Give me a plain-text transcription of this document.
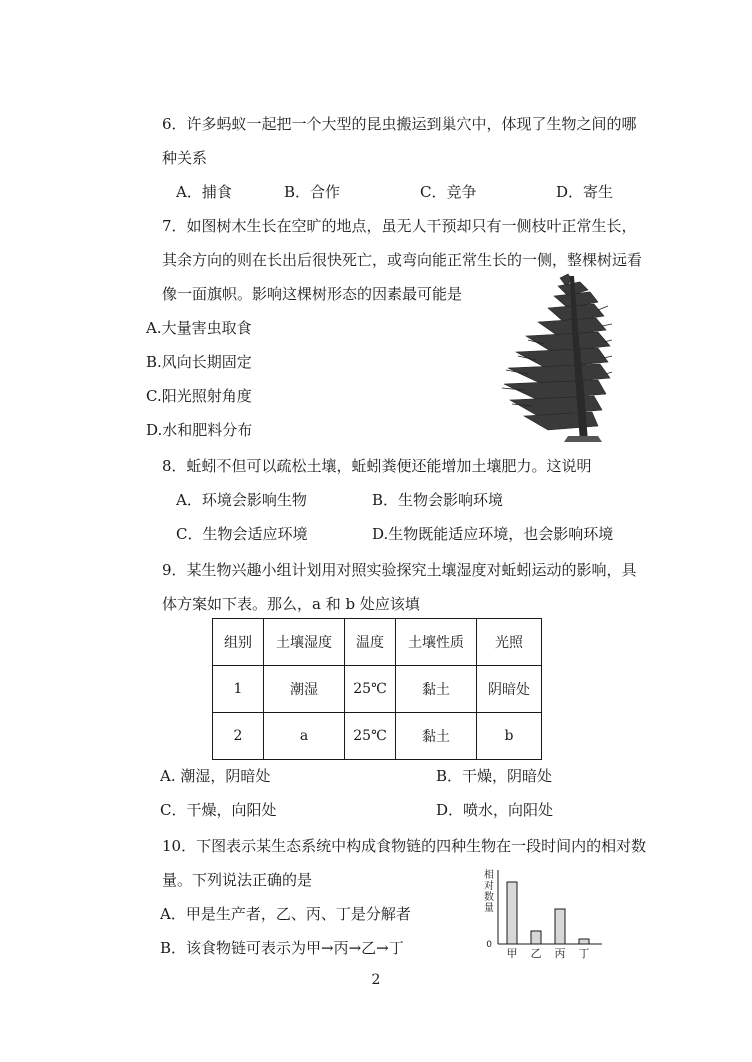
6．许多蚂蚁一起把一个大型的昆虫搬运到巢穴中，体现了生物之间的哪
种关系
A．捕食	B．合作	C．竞争	D．寄生
7．如图树木生长在空旷的地点，虽无人干预却只有一侧枝叶正常生长，
其余方向的则在长出后很快死亡，或弯向能正常生长的一侧，整棵树远看
像一面旗帜。影响这棵树形态的因素最可能是
A.大量害虫取食
B.风向长期固定
C.阳光照射角度
D.水和肥料分布
8．蚯蚓不但可以疏松土壤，蚯蚓粪便还能增加土壤肥力。这说明
A．环境会影响生物	B．生物会影响环境
C．生物会适应环境	D.生物既能适应环境，也会影响环境
9．某生物兴趣小组计划用对照实验探究土壤湿度对蚯蚓运动的影响，具
体方案如下表。那么，a 和 b 处应该填
组别	土壤湿度	温度	土壤性质	光照
1	潮湿	25℃	黏土	阴暗处
2	a	25℃	黏土	b
A. 潮湿，阴暗处	B．干燥，阴暗处
C．干燥，向阳处	D．喷水，向阳处
10．下图表示某生态系统中构成食物链的四种生物在一段时间内的相对数
量。下列说法正确的是
A．甲是生产者，乙、丙、丁是分解者
B．该食物链可表示为甲→丙→乙→丁	0
相对数量
甲 乙 丙 丁
2
